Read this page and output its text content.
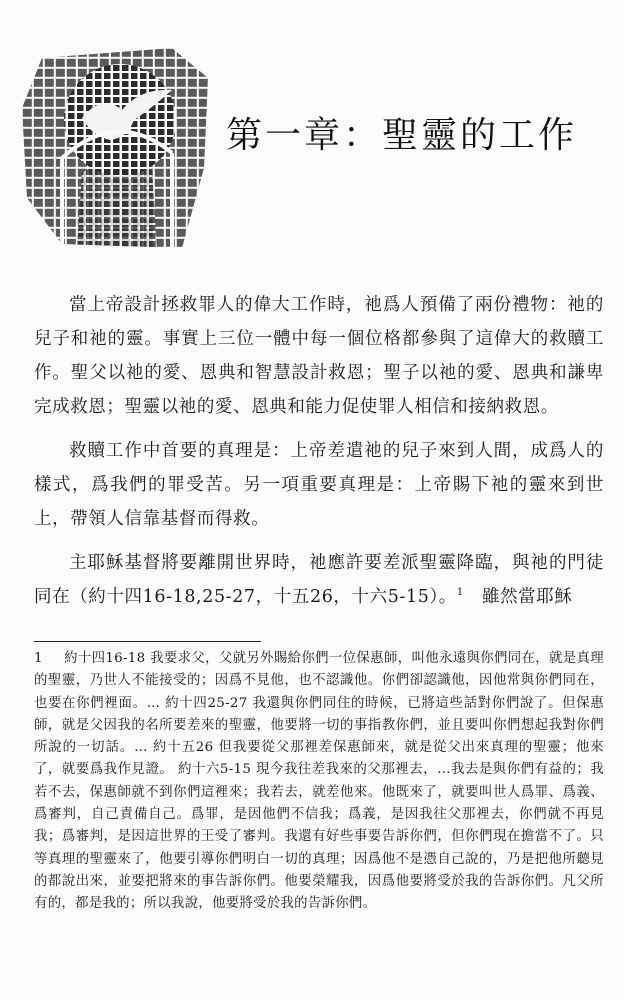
第一章：聖靈的工作

當上帝設計拯救罪人的偉大工作時，祂爲人預備了兩份禮物：祂的兒子和祂的靈。事實上三位一體中每一個位格都參與了這偉大的救贖工作。聖父以祂的愛、恩典和智慧設計救恩；聖子以祂的愛、恩典和謙卑完成救恩；聖靈以祂的愛、恩典和能力促使罪人相信和接納救恩。

救贖工作中首要的真理是：上帝差遣祂的兒子來到人間，成爲人的樣式，爲我們的罪受苦。另一項重要真理是：上帝賜下祂的靈來到世上，帶領人信靠基督而得救。

主耶穌基督將要離開世界時，祂應許要差派聖靈降臨，與祂的門徒同在（約十四16-18,25-27，十五26，十六5-15）。$^1$　 雖然當耶穌

1 約十四16-18 我要求父，父就另外賜給你們一位保惠師，叫他永遠與你們同在，就是真理的聖靈，乃世人不能接受的；因爲不見他，也不認識他。你們卻認識他，因他常與你們同在，也要在你們裡面。… 約十四25-27 我還與你們同住的時候，已將這些話對你們說了。但保惠師，就是父因我的名所要差來的聖靈，他要將一切的事指教你們，並且要叫你們想起我對你們所說的一切話。… 約十五26 但我要從父那裡差保惠師來，就是從父出來真理的聖靈；他來了，就要爲我作見證。 約十六5-15 現今我往差我來的父那裡去，…我去是與你們有益的；我若不去，保惠師就不到你們這裡來；我若去，就差他來。他既來了，就要叫世人爲罪、爲義、爲審判，自己責備自己。爲罪，是因他們不信我；爲義，是因我往父那裡去，你們就不再見我；爲審判，是因這世界的王受了審判。我還有好些事要告訴你們，但你們現在擔當不了。只等真理的聖靈來了，他要引導你們明白一切的真理；因爲他不是憑自己說的，乃是把他所聽見的都說出來，並要把將來的事告訴你們。他要榮耀我，因爲他要將受於我的告訴你們。凡父所有的，都是我的；所以我說，他要將受於我的告訴你們。
